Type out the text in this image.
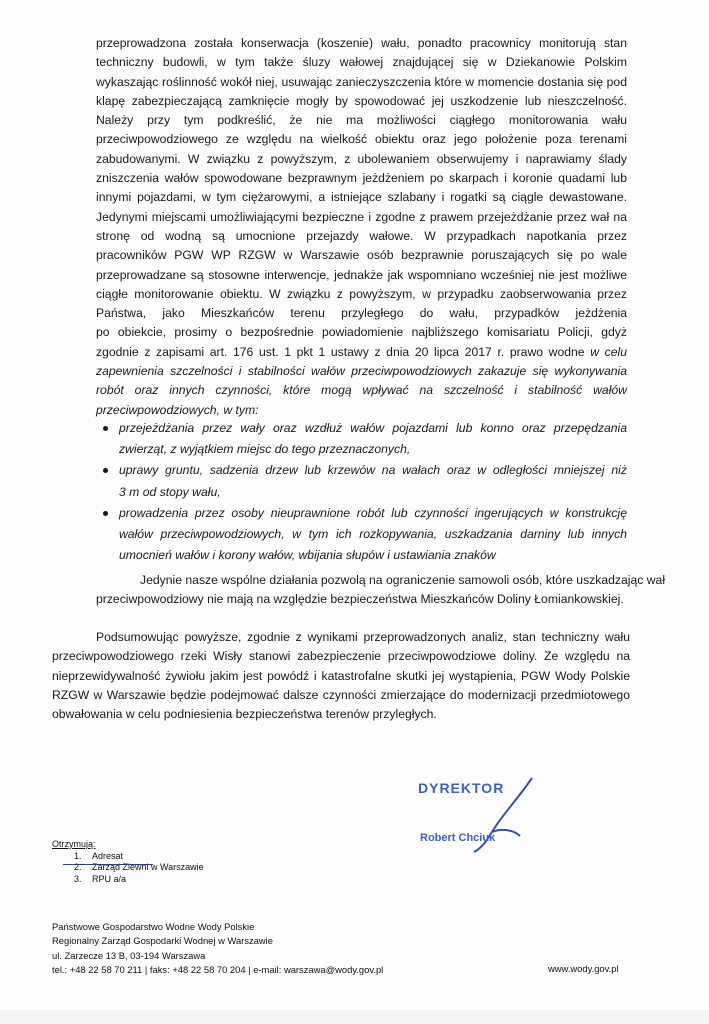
przeprowadzona została konserwacja (koszenie) wału, ponadto pracownicy monitorują stan
techniczny budowli, w tym także śluzy wałowej znajdującej się w Dziekanowie Polskim
wykaszając roślinność wokół niej, usuwając zanieczyszczenia które w momencie dostania się pod
klapę zabezpieczającą zamknięcie mogły by spowodować jej uszkodzenie lub nieszczelność.
Należy przy tym podkreślić, że nie ma możliwości ciągłego monitorowania wału
przeciwpowodziowego ze względu na wielkość obiektu oraz jego położenie poza terenami
zabudowanymi. W związku z powyższym, z ubolewaniem obserwujemy i naprawiamy ślady
zniszczenia wałów spowodowane bezprawnym jeżdżeniem po skarpach i koronie quadami lub
innymi pojazdami, w tym ciężarowymi, a istniejące szlabany i rogatki są ciągle dewastowane.
Jedynymi miejscami umożliwiającymi bezpieczne i zgodne z prawem przejeżdżanie przez wał na
stronę od wodną są umocnione przejazdy wałowe. W przypadkach napotkania przez
pracowników PGW WP RZGW w Warszawie osób bezprawnie poruszających się po wale
przeprowadzane są stosowne interwencje, jednakże jak wspomniano wcześniej nie jest możliwe
ciągłe monitorowanie obiektu. W związku z powyższym, w przypadku zaobserwowania przez
Państwa, jako Mieszkańców terenu przyległego do wału, przypadków jeżdżenia
po obiekcie, prosimy o bezpośrednie powiadomienie najbliższego komisariatu Policji, gdyż
zgodnie z zapisami art. 176 ust. 1 pkt 1 ustawy z dnia 20 lipca 2017 r. prawo wodne w celu
zapewnienia szczelności i stabilności wałów przeciwpowodziowych zakazuje się wykonywania
robót oraz innych czynności, które mogą wpływać na szczelność i stabilność wałów
przeciwpowodziowych, w tym:
przejeżdżania przez wały oraz wzdłuż wałów pojazdami lub konno oraz przepędzania
zwierząt, z wyjątkiem miejsc do tego przeznaczonych,
uprawy gruntu, sadzenia drzew lub krzewów na wałach oraz w odległości mniejszej niż
3 m od stopy wału,
prowadzenia przez osoby nieuprawnione robót lub czynności ingerujących w konstrukcję
wałów przeciwpowodziowych, w tym ich rozkopywania, uszkadzania darniny lub innych
umocnień wałów i korony wałów, wbijania słupów i ustawiania znaków
Jedynie nasze wspólne działania pozwolą na ograniczenie samowoli osób, które uszkadzając wał
przeciwpowodziowy nie mają na względzie bezpieczeństwa Mieszkańców Doliny Łomiankowskiej.
Podsumowując powyższe, zgodnie z wynikami przeprowadzonych analiz, stan techniczny wału
przeciwpowodziowego rzeki Wisły stanowi zabezpieczenie przeciwpowodziowe doliny. Ze względu na
nieprzewidywalność żywiołu jakim jest powódź i katastrofalne skutki jej wystąpienia, PGW Wody Polskie
RZGW w Warszawie będzie podejmować dalsze czynności zmierzające do modernizacji przedmiotowego
obwałowania w celu podniesienia bezpieczeństwa terenów przyległych.
DYREKTOR
Robert Chciuk
Otrzymują:
1. Adresat
2. Zarząd Zlewni w Warszawie
3. RPU a/a
Państwowe Gospodarstwo Wodne Wody Polskie
Regionalny Zarząd Gospodarki Wodnej w Warszawie
ul. Zarzecze 13 B, 03-194 Warszawa
tel.: +48 22 58 70 211 | faks: +48 22 58 70 204 | e-mail: warszawa@wody.gov.pl	www.wody.gov.pl
